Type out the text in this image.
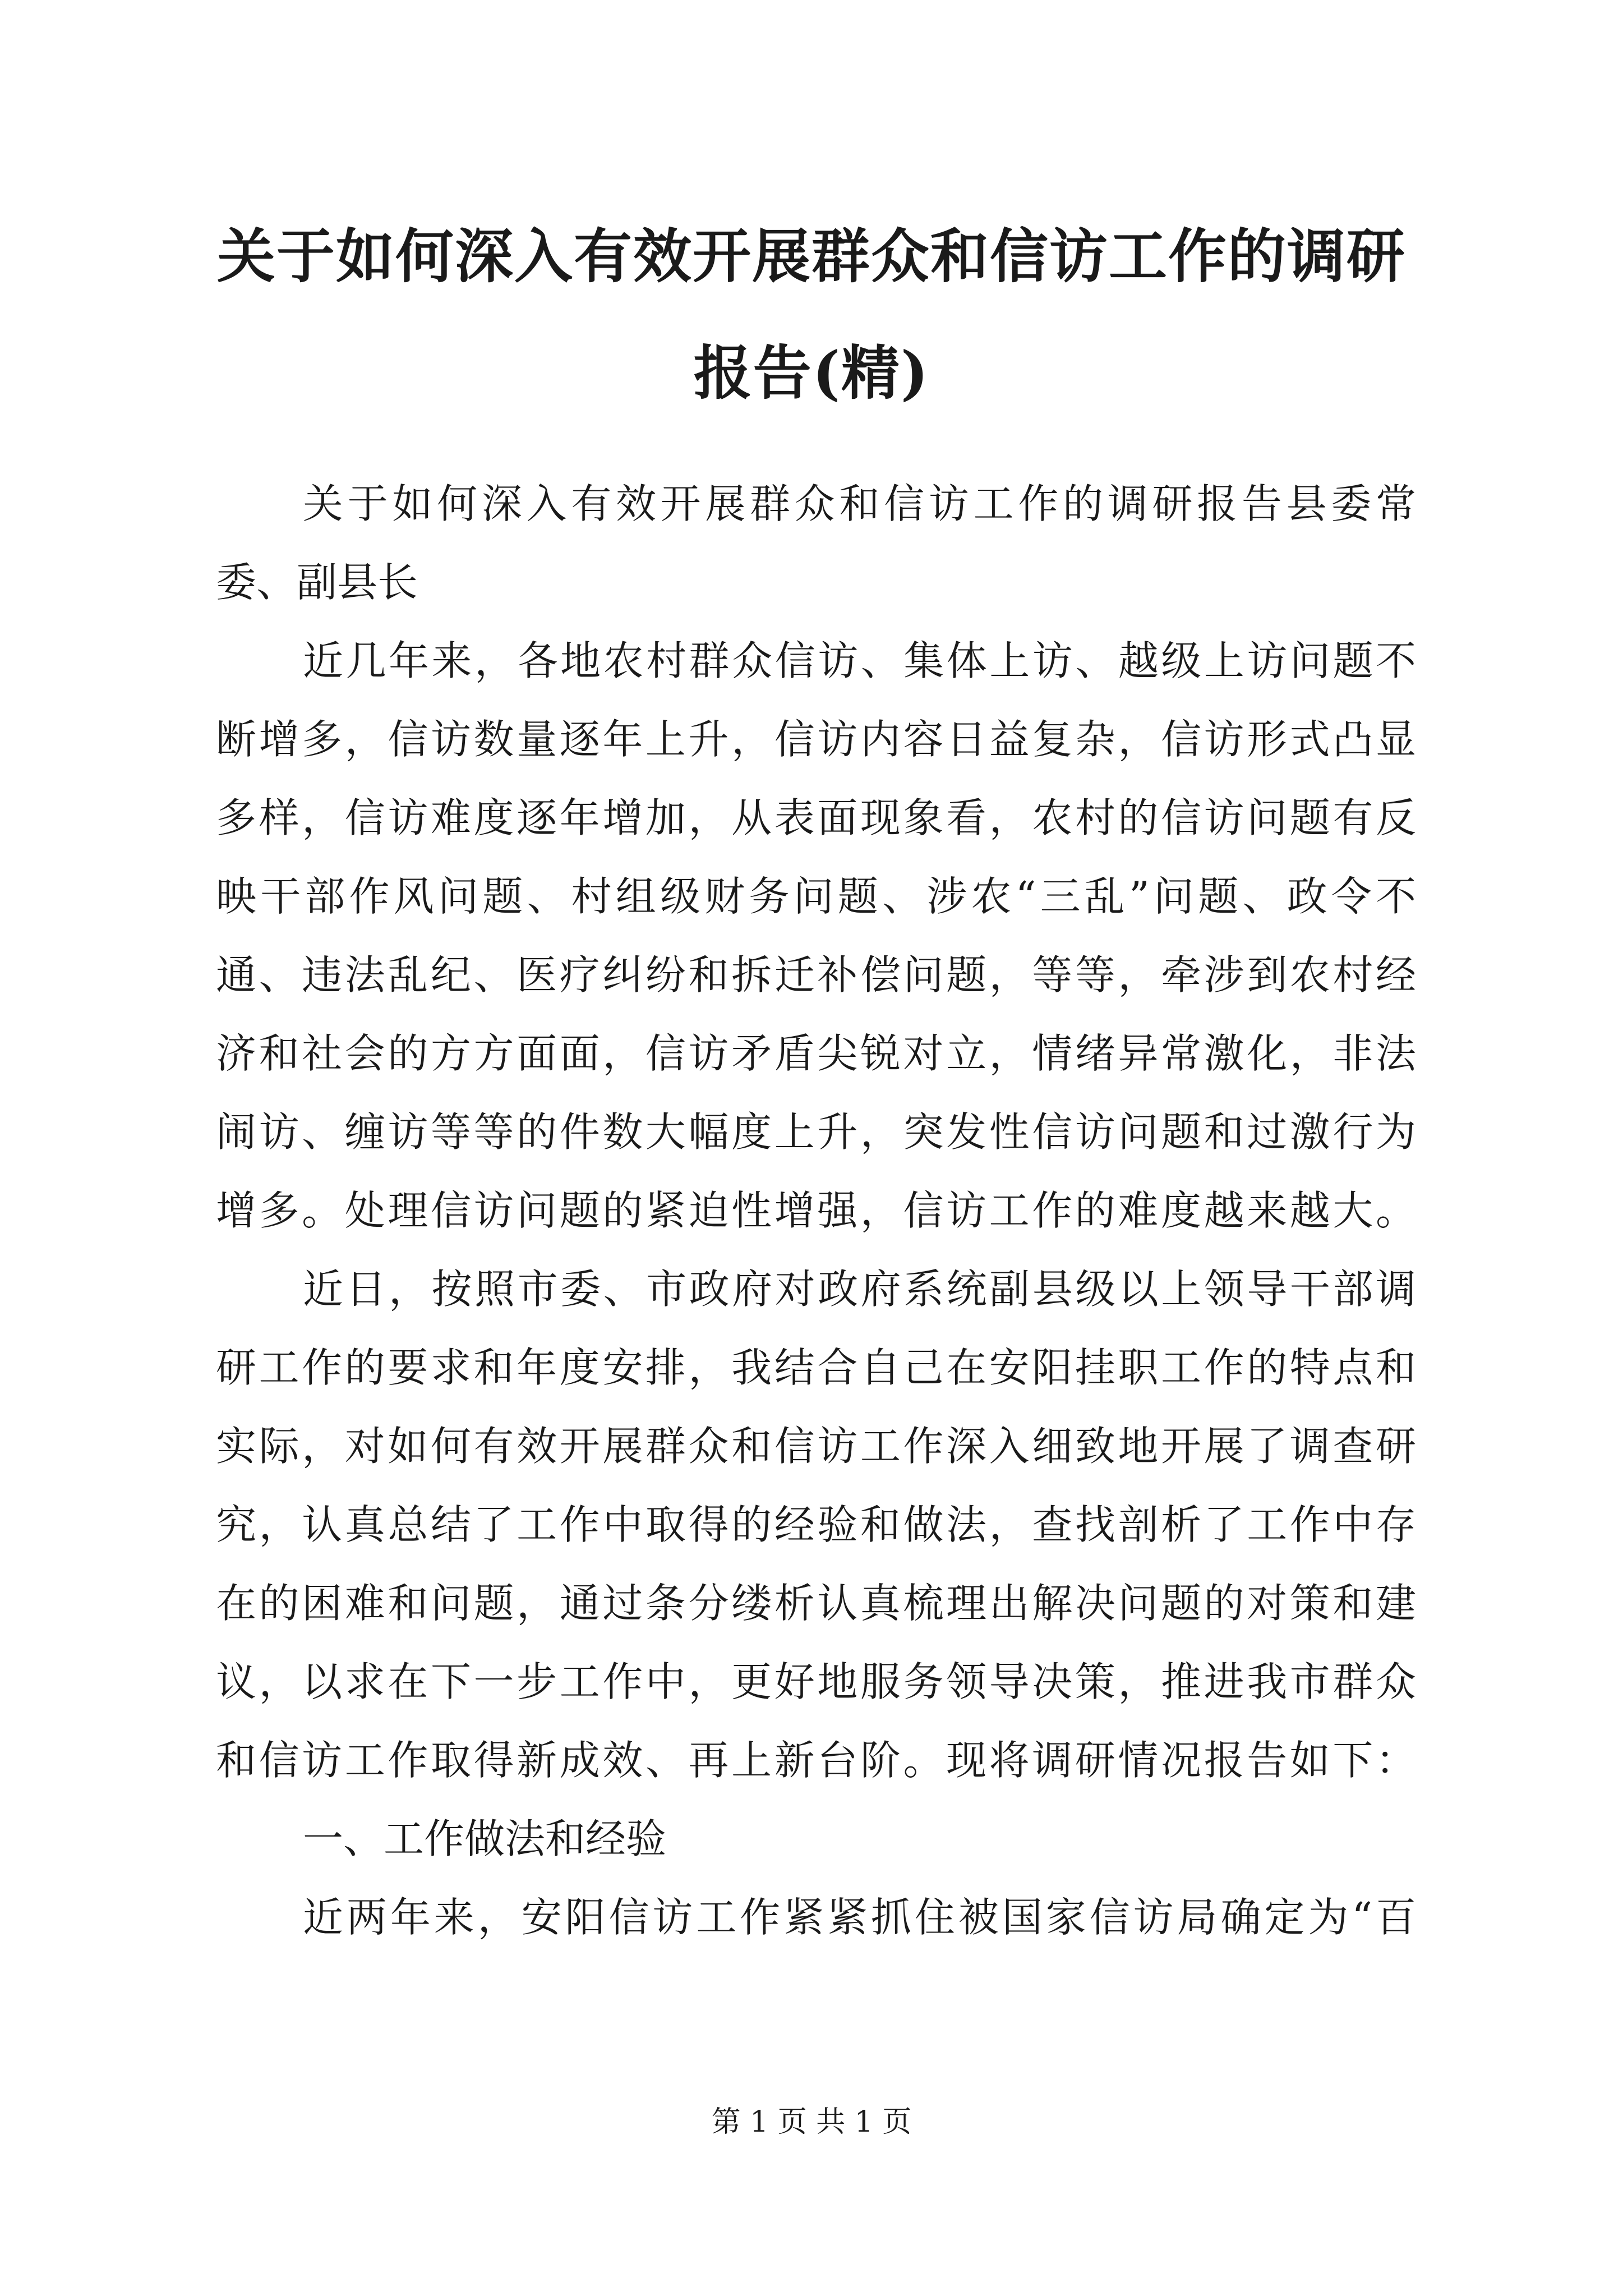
关于如何深入有效开展群众和信访工作的调研
报告(精)

关于如何深入有效开展群众和信访工作的调研报告县委常

委、副县长

近几年来，各地农村群众信访、集体上访、越级上访问题不

断增多，信访数量逐年上升，信访内容日益复杂，信访形式凸显

多样，信访难度逐年增加，从表面现象看，农村的信访问题有反

映干部作风问题、村组级财务问题、涉农“三乱”问题、政令不

通、违法乱纪、医疗纠纷和拆迁补偿问题，等等，牵涉到农村经

济和社会的方方面面，信访矛盾尖锐对立，情绪异常激化，非法

闹访、缠访等等的件数大幅度上升，突发性信访问题和过激行为

增多。处理信访问题的紧迫性增强，信访工作的难度越来越大。

近日，按照市委、市政府对政府系统副县级以上领导干部调

研工作的要求和年度安排，我结合自己在安阳挂职工作的特点和

实际，对如何有效开展群众和信访工作深入细致地开展了调查研

究，认真总结了工作中取得的经验和做法，查找剖析了工作中存

在的困难和问题，通过条分缕析认真梳理出解决问题的对策和建

议，以求在下一步工作中，更好地服务领导决策，推进我市群众

和信访工作取得新成效、再上新台阶。现将调研情况报告如下：

一、工作做法和经验

近两年来，安阳信访工作紧紧抓住被国家信访局确定为“百

第 1 页 共 1 页
